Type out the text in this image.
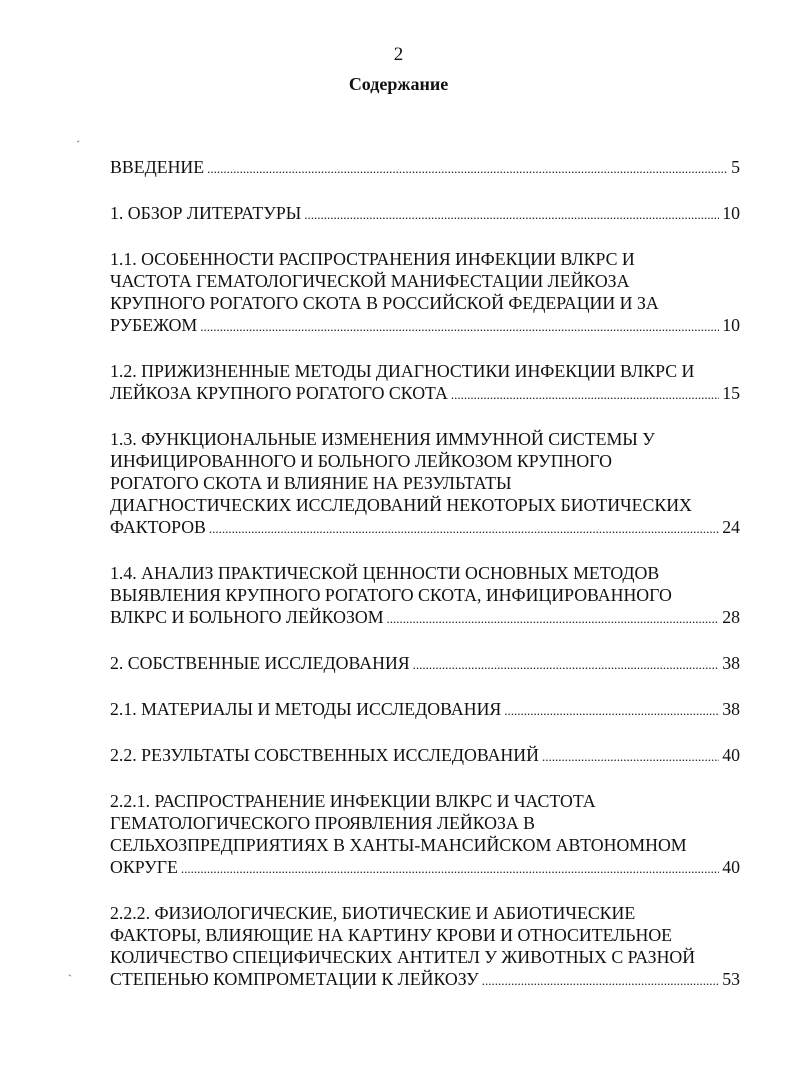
2
Содержание
´
`
ВВЕДЕНИЕ .....	5
1. ОБЗОР ЛИТЕРАТУРЫ .....	10
1.1. ОСОБЕННОСТИ РАСПРОСТРАНЕНИЯ ИНФЕКЦИИ ВЛКРС И
ЧАСТОТА ГЕМАТОЛОГИЧЕСКОЙ МАНИФЕСТАЦИИ ЛЕЙКОЗА
КРУПНОГО РОГАТОГО СКОТА В РОССИЙСКОЙ ФЕДЕРАЦИИ И ЗА
РУБЕЖОМ .....	10
1.2. ПРИЖИЗНЕННЫЕ МЕТОДЫ ДИАГНОСТИКИ ИНФЕКЦИИ ВЛКРС И
ЛЕЙКОЗА КРУПНОГО РОГАТОГО СКОТА .....	15
1.3. ФУНКЦИОНАЛЬНЫЕ ИЗМЕНЕНИЯ ИММУННОЙ СИСТЕМЫ У
ИНФИЦИРОВАННОГО И БОЛЬНОГО ЛЕЙКОЗОМ КРУПНОГО
РОГАТОГО СКОТА И ВЛИЯНИЕ НА РЕЗУЛЬТАТЫ
ДИАГНОСТИЧЕСКИХ ИССЛЕДОВАНИЙ НЕКОТОРЫХ БИОТИЧЕСКИХ
ФАКТОРОВ .....	24
1.4. АНАЛИЗ ПРАКТИЧЕСКОЙ ЦЕННОСТИ ОСНОВНЫХ МЕТОДОВ
ВЫЯВЛЕНИЯ КРУПНОГО РОГАТОГО СКОТА, ИНФИЦИРОВАННОГО
ВЛКРС И БОЛЬНОГО ЛЕЙКОЗОМ .....	28
2. СОБСТВЕННЫЕ ИССЛЕДОВАНИЯ .....	38
2.1. МАТЕРИАЛЫ И МЕТОДЫ ИССЛЕДОВАНИЯ .....	38
2.2. РЕЗУЛЬТАТЫ СОБСТВЕННЫХ ИССЛЕДОВАНИЙ .....	40
2.2.1. РАСПРОСТРАНЕНИЕ ИНФЕКЦИИ ВЛКРС И ЧАСТОТА
ГЕМАТОЛОГИЧЕСКОГО ПРОЯВЛЕНИЯ ЛЕЙКОЗА В
СЕЛЬХОЗПРЕДПРИЯТИЯХ В ХАНТЫ-МАНСИЙСКОМ АВТОНОМНОМ
ОКРУГЕ .....	40
2.2.2. ФИЗИОЛОГИЧЕСКИЕ, БИОТИЧЕСКИЕ И АБИОТИЧЕСКИЕ
ФАКТОРЫ, ВЛИЯЮЩИЕ НА КАРТИНУ КРОВИ И ОТНОСИТЕЛЬНОЕ
КОЛИЧЕСТВО СПЕЦИФИЧЕСКИХ АНТИТЕЛ У ЖИВОТНЫХ С РАЗНОЙ
СТЕПЕНЬЮ КОМПРОМЕТАЦИИ К ЛЕЙКОЗУ .....	53
